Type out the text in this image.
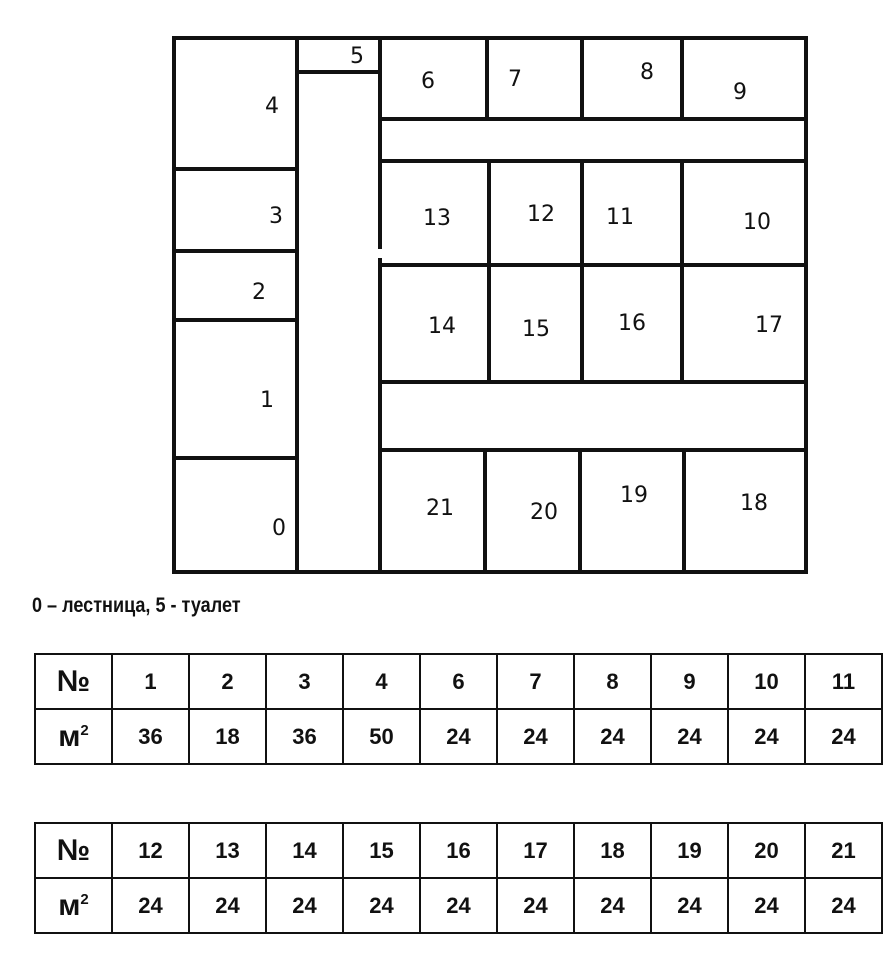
0
1
2
3
4
5
6	7	8
9
10
11
12
13
14	15	16	17
18
19
20
21
0 – лестница, 5 - туалет
№	1	2	3	4	6	7	8	9	10	11
$м^2$	36	18	36	50	24	24	24	24	24	24
№	12	13	14	15	16	17	18	19	20	21
$м^2$	24	24	24	24	24	24	24	24	24	24
